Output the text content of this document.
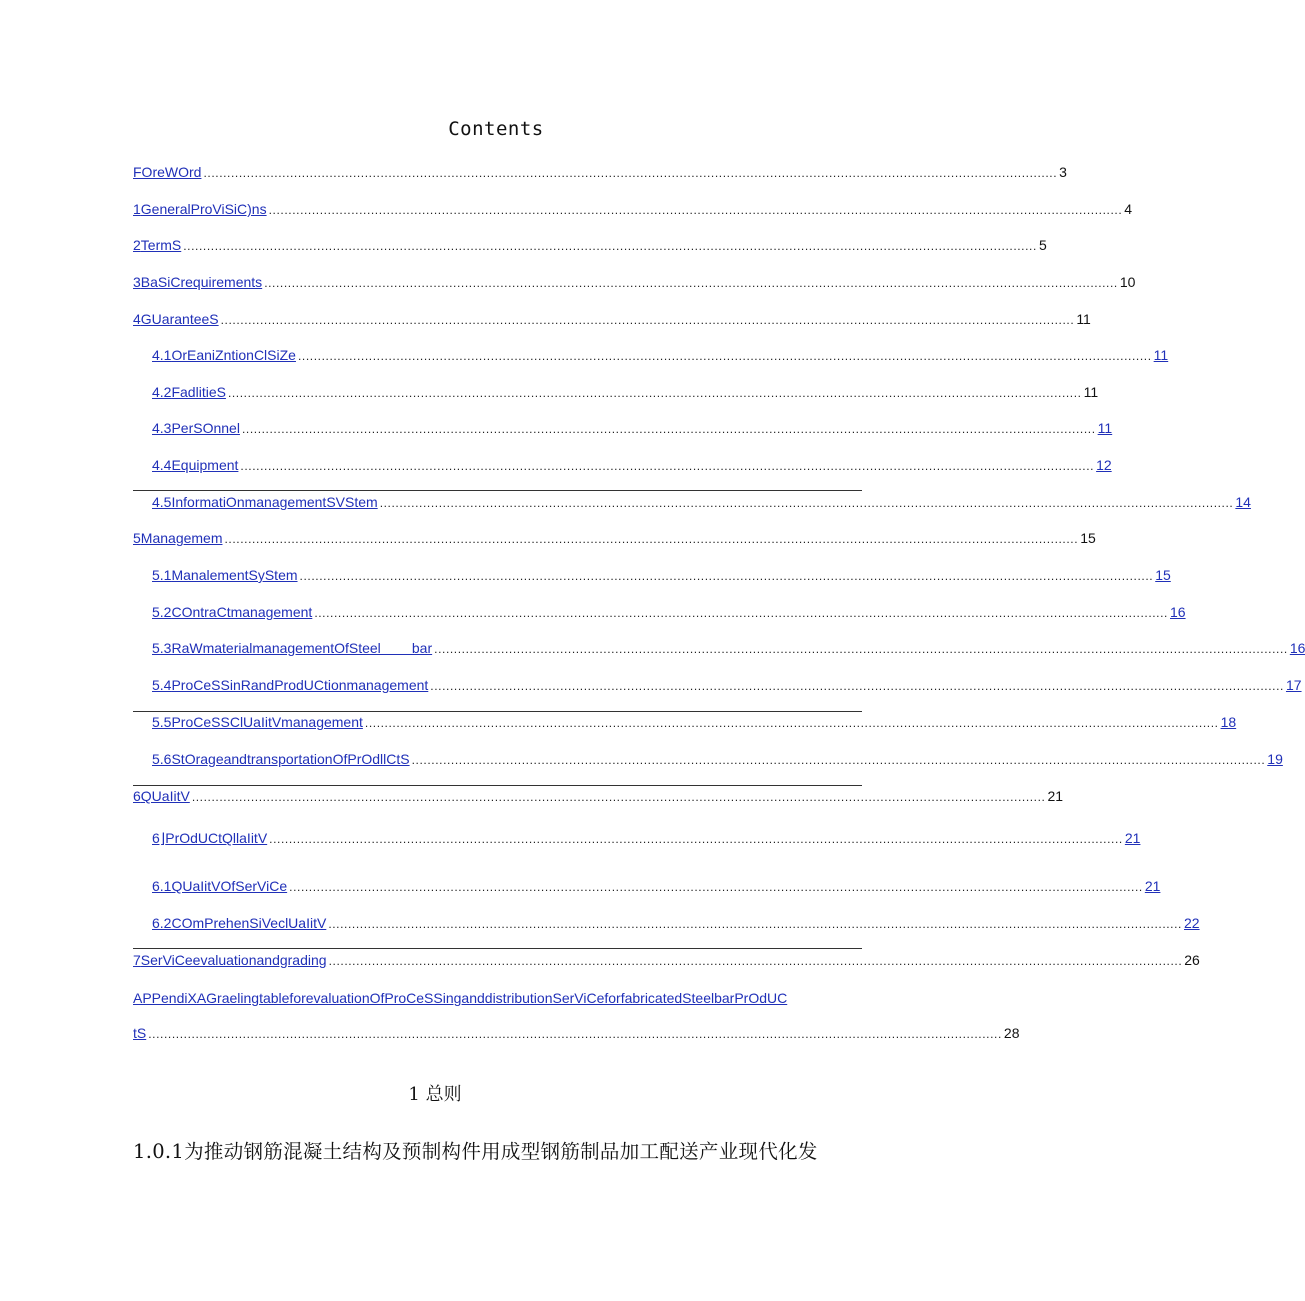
Contents
FOreWOrd ......................................................................................................................................................................................................................... 3
1 GeneralProViSiC)ns ......................................................................................................................................................................................................................... 4
2 TermS ......................................................................................................................................................................................................................... 5
3 BaSiCrequirements ......................................................................................................................................................................................................................... 10
4 GUaranteeS ......................................................................................................................................................................................................................... 11
4.1 OrEaniZntionClSiZe ......................................................................................................................................................................................................................... 11
4.2 FadlitieS ......................................................................................................................................................................................................................... 11
4.3 PerSOnnel ......................................................................................................................................................................................................................... 11
4.4 Equipment ......................................................................................................................................................................................................................... 12
4.5 InformatiOnmanagementSVStem ......................................................................................................................................................................................................................... 14
5 Managemem ......................................................................................................................................................................................................................... 15
5.1 ManalementSyStem ......................................................................................................................................................................................................................... 15
5.2 COntraCtmanagement ......................................................................................................................................................................................................................... 16
5.3 RaWmaterialmanagementOfSteel        bar ......................................................................................................................................................................................................................... 16
5.4 ProCeSSinRandProdUCtionmanagement ......................................................................................................................................................................................................................... 17
5.5 ProCeSSClUaIitVmanagement ......................................................................................................................................................................................................................... 18
5.6 StOrageandtransportationOfPrOdllCtS ......................................................................................................................................................................................................................... 19
6 QUaIitV ......................................................................................................................................................................................................................... 21
6⌋ PrOdUCtQllaIitV ......................................................................................................................................................................................................................... 21
6.1 QUaIitVOfSerViCe ......................................................................................................................................................................................................................... 21
6.2 COmPrehenSiVeclUaIitV ......................................................................................................................................................................................................................... 22
7 SerViCeevaluationandgrading ......................................................................................................................................................................................................................... 26
APPendiXAGraelingtableforevaluationOfProCeSSinganddistributionSerViCeforfabricatedSteelbarPrOdUC
tS ......................................................................................................................................................................................................................... 28
1 总则
1.0.1为推动钢筋混凝土结构及预制构件用成型钢筋制品加工配送产业现代化发
